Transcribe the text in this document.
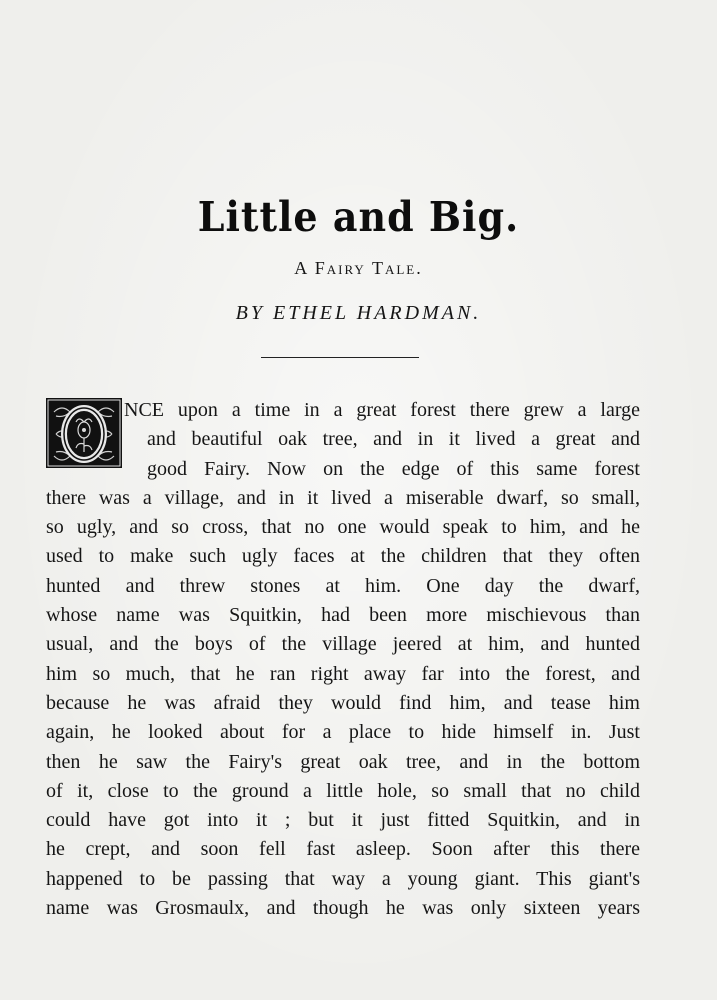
Little and Big.
A Fairy Tale.
BY ETHEL HARDMAN.
NCE upon a time in a great forest there grew a large
and beautiful oak tree, and in it lived a great and
good Fairy. Now on the edge of this same forest
there was a village, and in it lived a miserable dwarf, so small,
so ugly, and so cross, that no one would speak to him, and he
used to make such ugly faces at the children that they often
hunted and threw stones at him. One day the dwarf,
whose name was Squitkin, had been more mischievous than
usual, and the boys of the village jeered at him, and hunted
him so much, that he ran right away far into the forest, and
because he was afraid they would find him, and tease him
again, he looked about for a place to hide himself in. Just
then he saw the Fairy's great oak tree, and in the bottom
of it, close to the ground a little hole, so small that no child
could have got into it ; but it just fitted Squitkin, and in
he crept, and soon fell fast asleep. Soon after this there
happened to be passing that way a young giant. This giant's
name was Grosmaulx, and though he was only sixteen years
